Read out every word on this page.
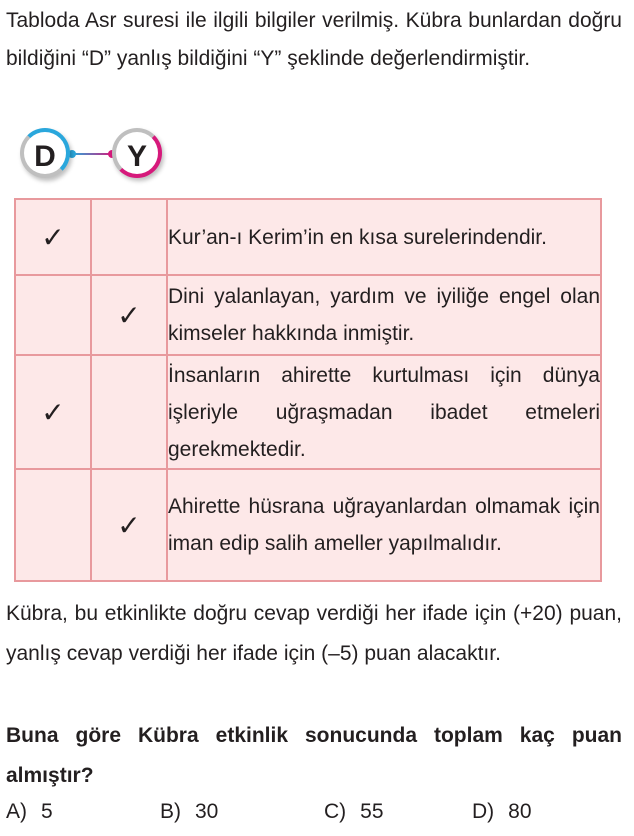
Tabloda Asr suresi ile ilgili bilgiler verilmiş. Kübra bunlardan doğru bildiğini “D” yanlış bildiğini “Y” şeklinde değerlendirmiştir.
D	Y
✓		Kur’an-ı Kerim’in en kısa surelerindendir.
	✓	Dini yalanlayan, yardım ve iyiliğe engel olan kimseler hakkında inmiştir.
✓		İnsanların ahirette kurtulması için dünya işleriyle uğraşmadan ibadet etmeleri gerekmektedir.
	✓	Ahirette hüsrana uğrayanlardan olmamak için iman edip salih ameller yapılmalıdır.
Kübra, bu etkinlikte doğru cevap verdiği her ifade için (+20) puan, yanlış cevap verdiği her ifade için (–5) puan alacaktır.
Buna göre Kübra etkinlik sonucunda toplam kaç puan almıştır?
A) 5	B) 30	C) 55	D) 80
